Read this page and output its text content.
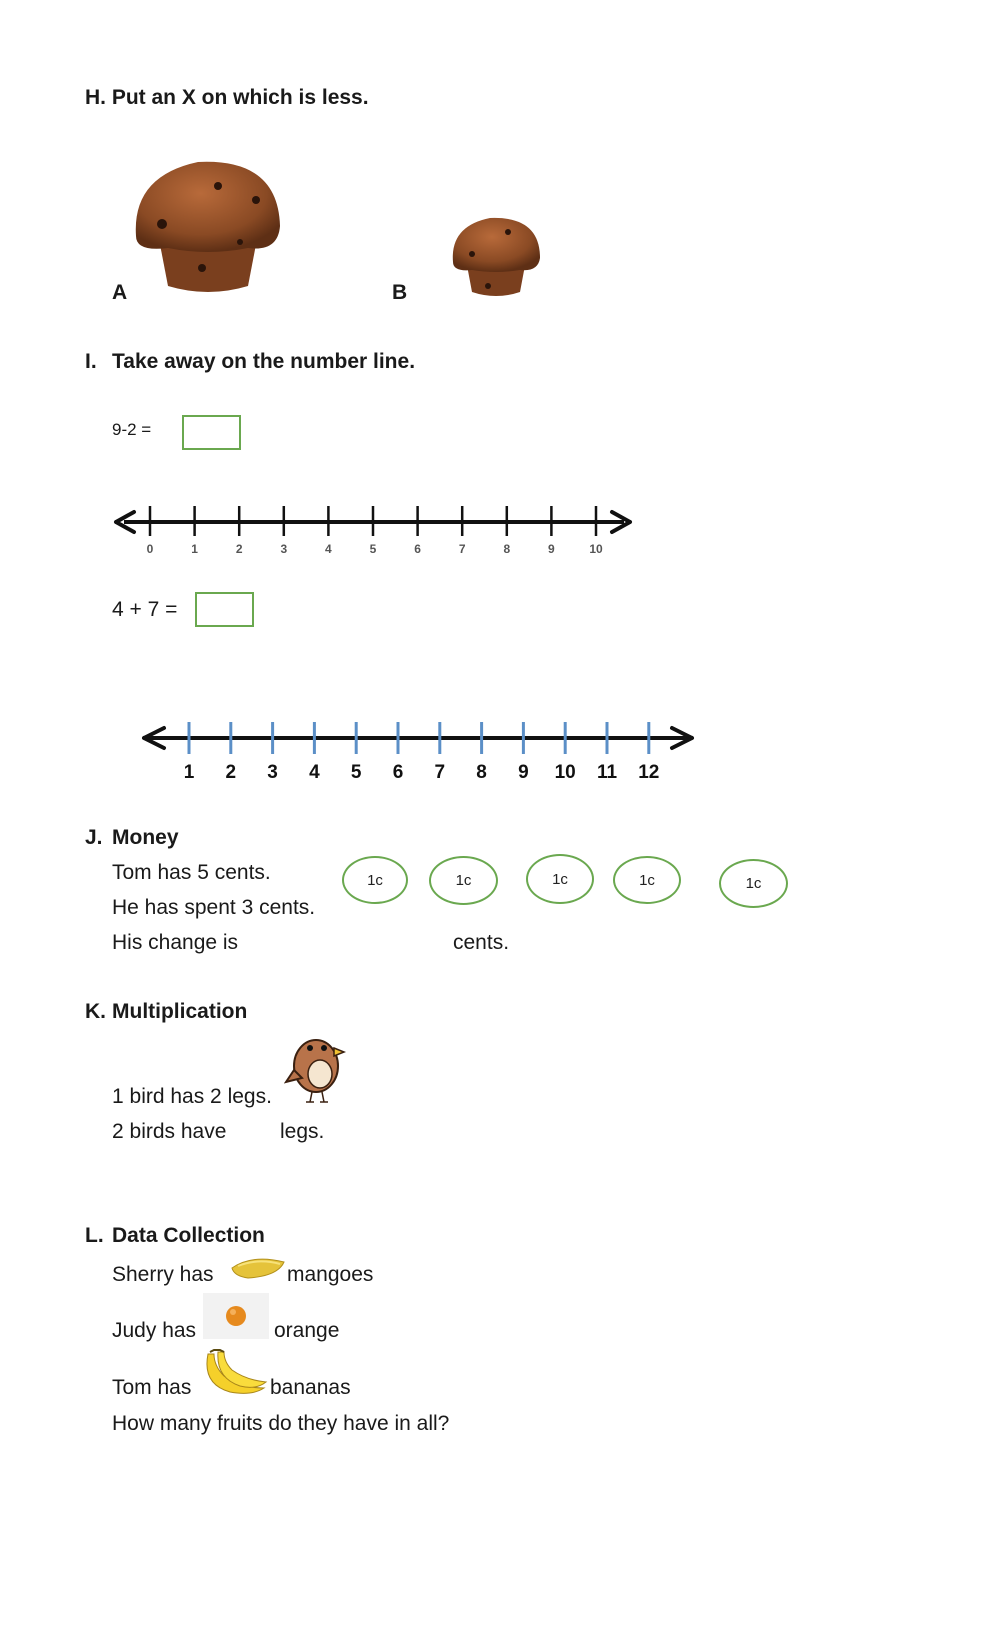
H. Put an X on which is less.
A	B
I. Take away on the number line.
9-2 =
0	1	2	3	4	5	6	7	8	9	10
4 + 7 =
1 2 3 4 5 6 7 8 9 10 11 12
J. Money
Tom has 5 cents.
He has spent 3 cents.
His change is	cents.
1c	1c	1c	1c	1c
K. Multiplication
1 bird has 2 legs.
2 birds have	legs.
L. Data Collection
Sherry has	mangoes
Judy has	orange
Tom has	bananas
How many fruits do they have in all?
